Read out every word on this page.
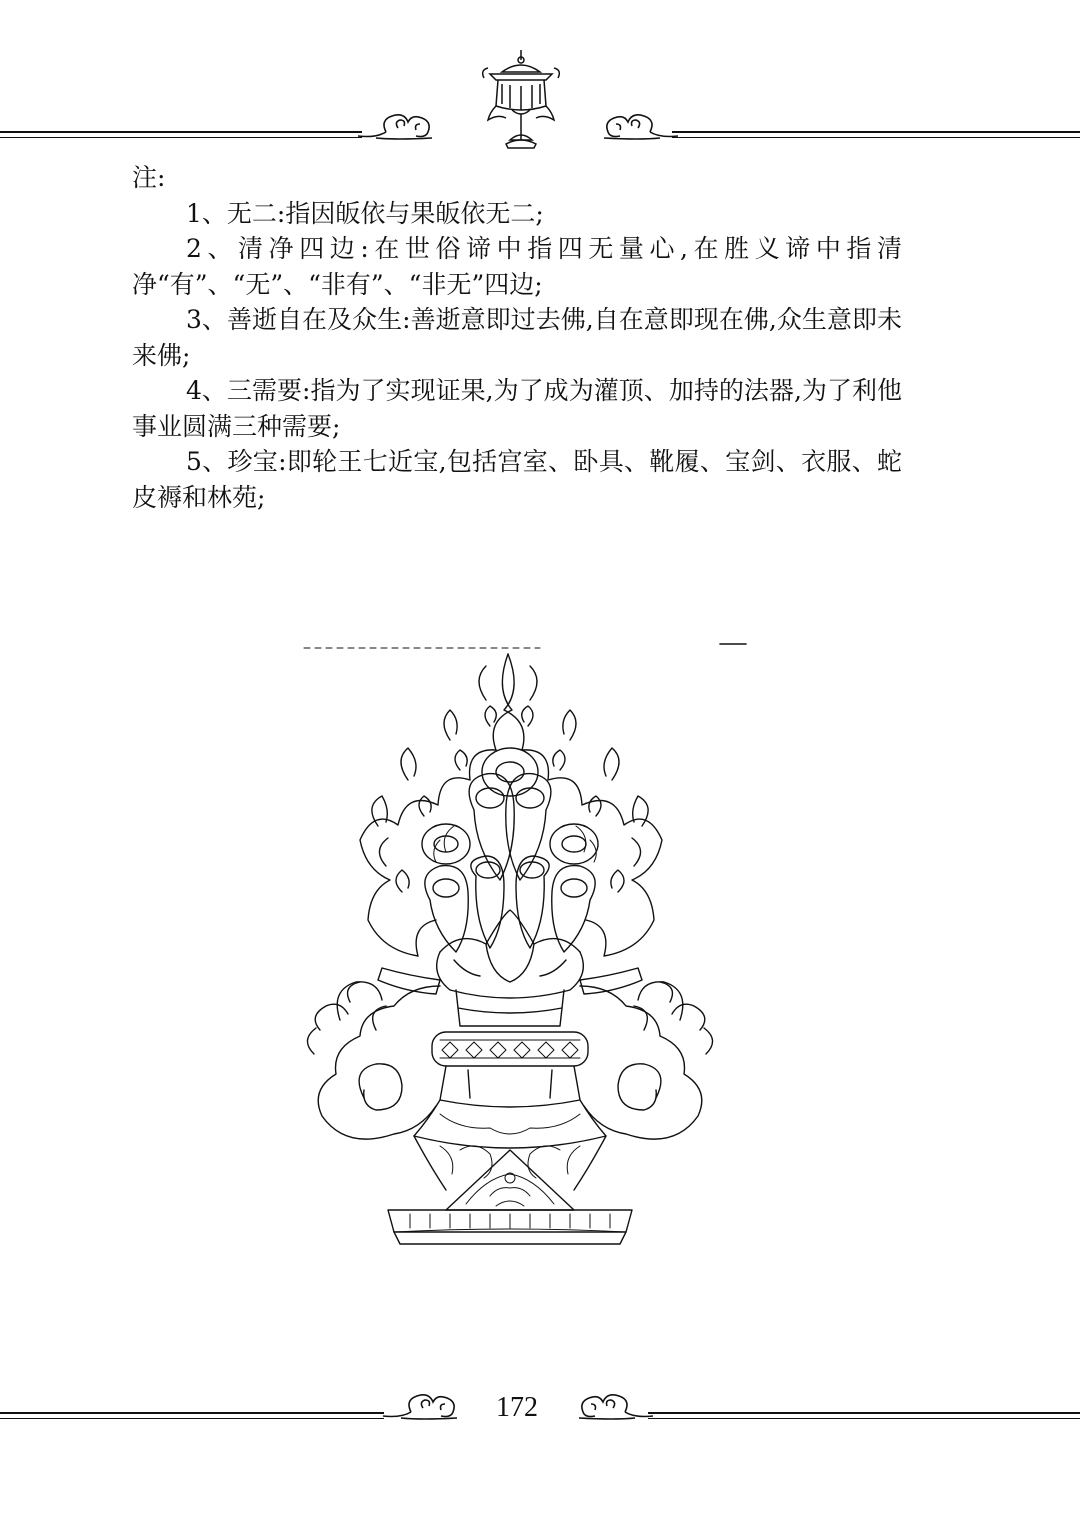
注:

1、无二:指因皈依与果皈依无二;

2、清净四边:在世俗谛中指四无量心,在胜义谛中指清净“有”、“无”、“非有”、“非无”四边;

3、善逝自在及众生:善逝意即过去佛,自在意即现在佛,众生意即未来佛;

4、三需要:指为了实现证果,为了成为灌顶、加持的法器,为了利他事业圆满三种需要;

5、珍宝:即轮王七近宝,包括宫室、卧具、靴履、宝剑、衣服、蛇皮褥和林苑;

172
